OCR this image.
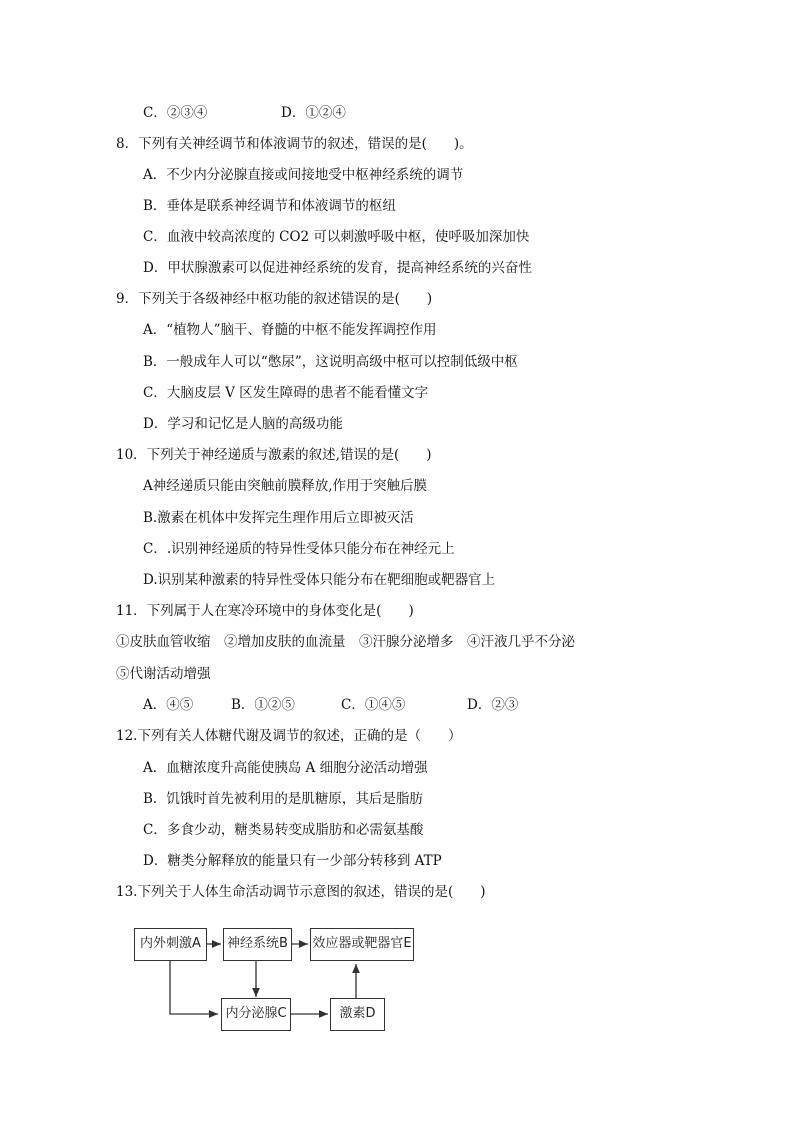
C．②③④	D．①②④
8．下列有关神经调节和体液调节的叙述，错误的是(　　)。
A．不少内分泌腺直接或间接地受中枢神经系统的调节
B．垂体是联系神经调节和体液调节的枢纽
C．血液中较高浓度的 CO2 可以刺激呼吸中枢，使呼吸加深加快
D．甲状腺激素可以促进神经系统的发育，提高神经系统的兴奋性
9．下列关于各级神经中枢功能的叙述错误的是(　　)
A．“植物人”脑干、脊髓的中枢不能发挥调控作用
B．一般成年人可以“憋尿”，这说明高级中枢可以控制低级中枢
C．大脑皮层 V 区发生障碍的患者不能看懂文字
D．学习和记忆是人脑的高级功能
10．下列关于神经递质与激素的叙述,错误的是(　　)
A神经递质只能由突触前膜释放,作用于突触后膜
B.激素在机体中发挥完生理作用后立即被灭活
C．.识别神经递质的特异性受体只能分布在神经元上
D.识别某种激素的特异性受体只能分布在靶细胞或靶器官上
11．下列属于人在寒冷环境中的身体变化是(　　)
①皮肤血管收缩　②增加皮肤的血流量　③汗腺分泌增多　④汗液几乎不分泌
⑤代谢活动增强
A．④⑤	B．①②⑤	C．①④⑤	D．②③
12.下列有关人体糖代谢及调节的叙述，正确的是（　　）
A．血糖浓度升高能使胰岛 A 细胞分泌活动增强
B．饥饿时首先被利用的是肌糖原，其后是脂肪
C．多食少动，糖类易转变成脂肪和必需氨基酸
D．糖类分解释放的能量只有一少部分转移到 ATP
13.下列关于人体生命活动调节示意图的叙述，错误的是(　　)
内外刺激A	神经系统B	效应器或靶器官E
内分泌腺C	激素D
